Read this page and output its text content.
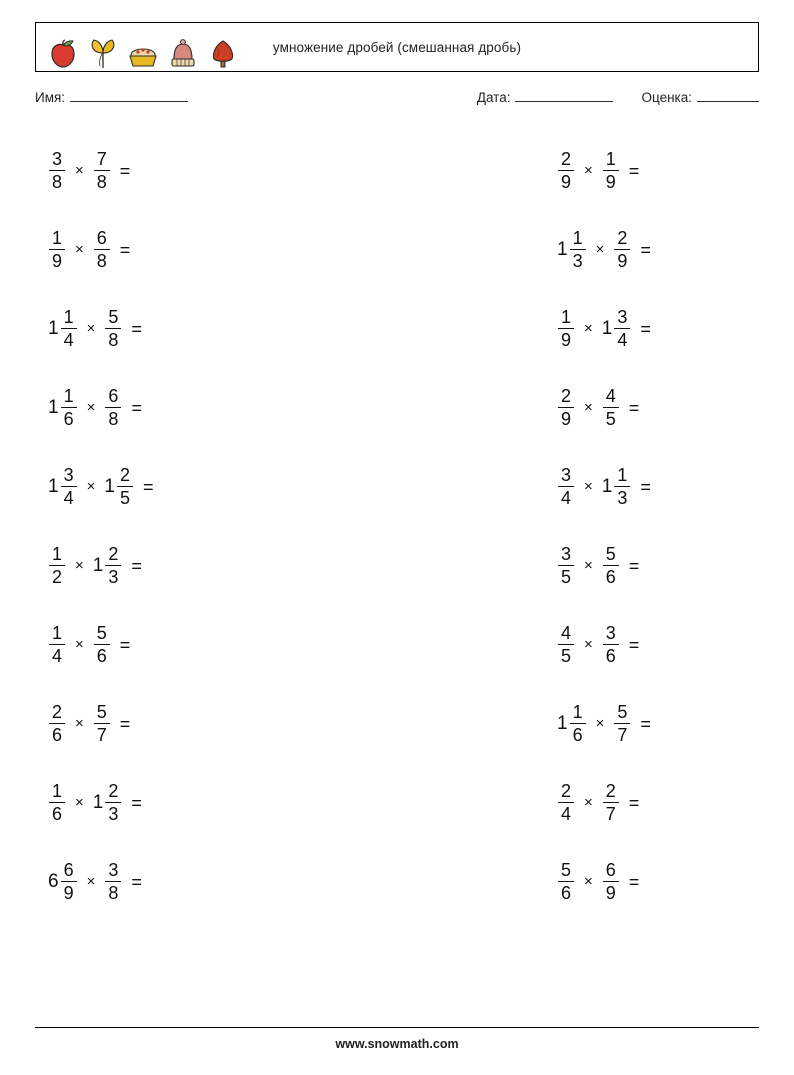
умножение дробей (смешанная дробь)
Имя:	Дата:	Оценка:
$\frac{3}{8} \times \frac{7}{8}$ =	$\frac{2}{9} \times \frac{1}{9}$ =
$\frac{1}{9} \times \frac{6}{8}$ =	$1 \frac{1}{3} \times \frac{2}{9}$ =
$1 \frac{1}{4} \times \frac{5}{8}$ =	$\frac{1}{9} \times 1 \frac{3}{4}$ =
$1 \frac{1}{6} \times \frac{6}{8}$ =	$\frac{2}{9} \times \frac{4}{5}$ =
$1 \frac{3}{4} \times 1 \frac{2}{5}$ =	$\frac{3}{4} \times 1 \frac{1}{3}$ =
$\frac{1}{2} \times 1 \frac{2}{3}$ =	$\frac{3}{5} \times \frac{5}{6}$ =
$\frac{1}{4} \times \frac{5}{6}$ =	$\frac{4}{5} \times \frac{3}{6}$ =
$\frac{2}{6} \times \frac{5}{7}$ =	$1 \frac{1}{6} \times \frac{5}{7}$ =
$\frac{1}{6} \times 1 \frac{2}{3}$ =	$\frac{2}{4} \times \frac{2}{7}$ =
$6 \frac{6}{9} \times \frac{3}{8}$ =	$\frac{5}{6} \times \frac{6}{9}$ =
www.snowmath.com
